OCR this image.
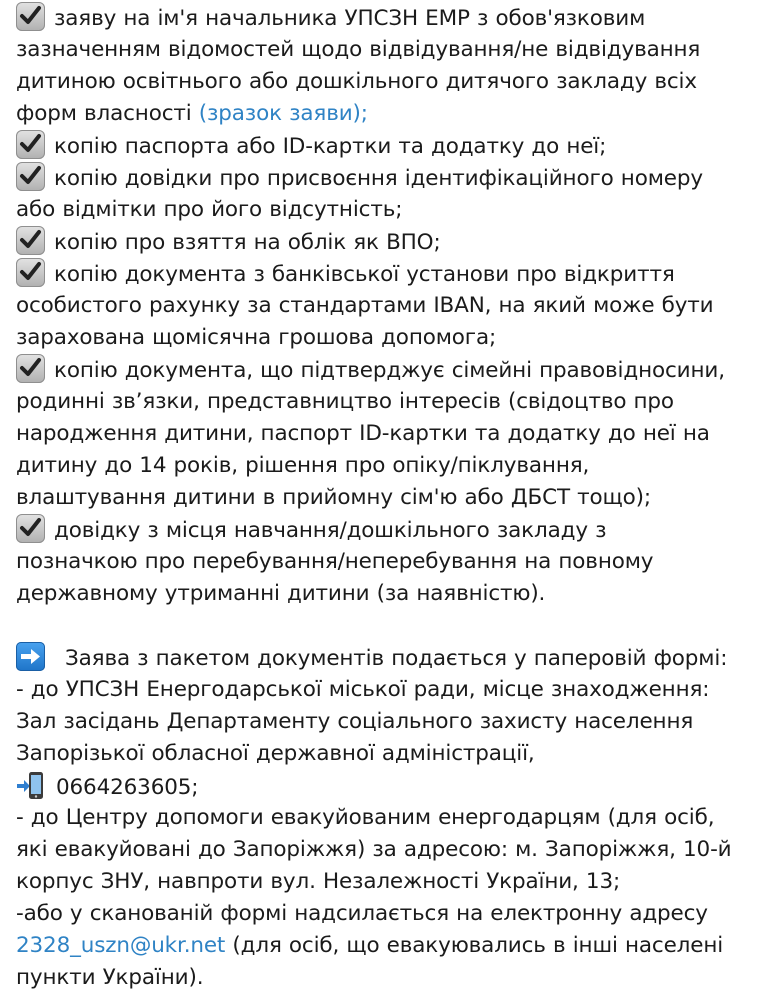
заяву на ім'я начальника УПСЗН ЕМР з обов'язковим
зазначенням відомостей щодо відвідування/не відвідування
дитиною освітнього або дошкільного дитячого закладу всіх
форм власності (зразок заяви);
копію паспорта або ID-картки та додатку до неї;
копію довідки про присвоєння ідентифікаційного номеру
або відмітки про його відсутність;
копію про взяття на облік як ВПО;
копію документа з банківської установи про відкриття
особистого рахунку за стандартами IBAN, на який може бути
зарахована щомісячна грошова допомога;
копію документа, що підтверджує сімейні правовідносини,
родинні зв’язки, представництво інтересів (свідоцтво про
народження дитини, паспорт ID-картки та додатку до неї на
дитину до 14 років, рішення про опіку/піклування,
влаштування дитини в прийомну сім'ю або ДБСТ тощо);
довідку з місця навчання/дошкільного закладу з
позначкою про перебування/неперебування на повному
державному утриманні дитини (за наявністю).
Заява з пакетом документів подається у паперовій формі:
- до УПСЗН Енергодарської міської ради, місце знаходження:
Зал засідань Департаменту соціального захисту населення
Запорізької обласної державної адміністрації,
0664263605;
- до Центру допомоги евакуйованим енергодарцям (для осіб,
які евакуйовані до Запоріжжя) за адресою: м. Запоріжжя, 10-й
корпус ЗНУ, навпроти вул. Незалежності України, 13;
-або у сканованій формі надсилається на електронну адресу
2328_uszn@ukr.net (для осіб, що евакуювались в інші населені
пункти України).
